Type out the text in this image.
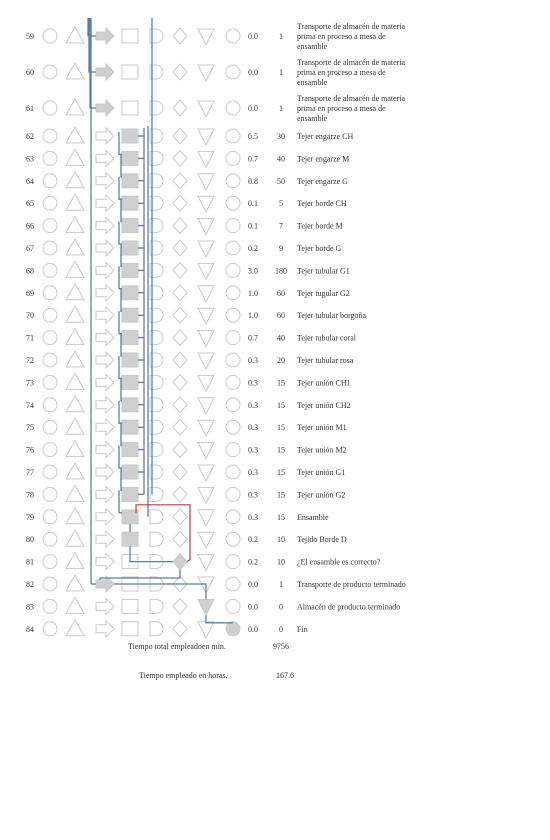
59	0.0	1
Transporte de almacén de materia
prima en proceso a mesa de
ensamble
60	0.0	1
Transporte de almacén de materia
prima en proceso a mesa de
ensamble
61	0.0	1
Transporte de almacén de materia
prima en proceso a mesa de
ensamble
62	0.5 30 Tejer engarze CH
63	0.7 40 Tejer engarze M
64	0.8 50 Tejer engarze G
65	0.1	5 Tejer borde CH
66	0.1	7 Tejer borde M
67	0.2	9 Tejer borde G
68	3.0 180 Tejer tubular G1
69	1.0 60 Tejer tugular G2
70	1.0 60 Tejer tubular borgoña
71	0.7 40 Tejer tubular coral
72	0.3 20 Tejer tubular rosa
73	0.3 15 Tejer unión CH1
74	0.3 15 Tejer unión CH2
75	0.3 15 Tejer unión M1
76	0.3 15 Tejer unión M2
77	0.3 15 Tejer unión G1
78	0.3 15 Tejer unión G2
79	0.3 15 Ensamble
80	0.2 10 Tejido Borde D
81	0.2 10 ¿El ensamble es correcto?
82	0.0	1 Transporte de producto terminado
83	0.0	0 Almacén de producto terminado
84	0.0	0 Fin
Tiempo total empleadoen min.	9756
Tiempo empleado en horas.	167.6
